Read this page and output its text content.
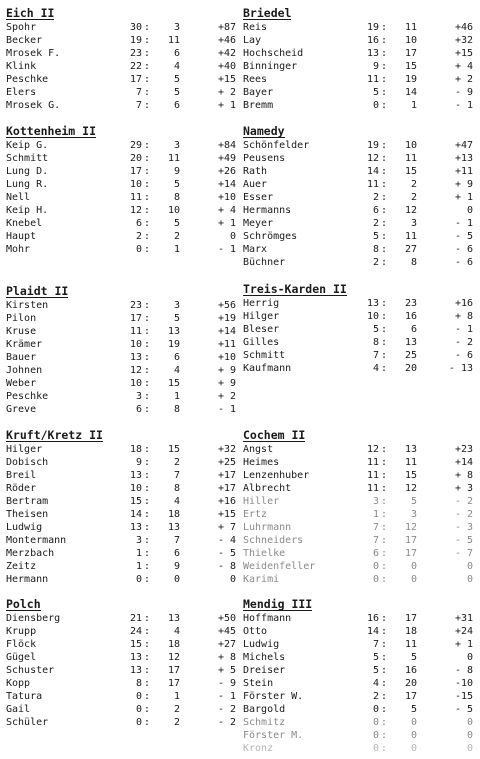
Eich II
Spohr	30 : 3	+87
Becker	19 : 11	+46
Mrosek F.	23 : 6	+42
Klink	22 : 4	+40
Peschke	17 : 5	+15
Elers	7 : 5	+ 2
Mrosek G.	7 : 6	+ 1
Kottenheim II
Keip G.	29 : 3	+84
Schmitt	20 : 11	+49
Lung D.	17 : 9	+26
Lung R.	10 : 5	+14
Nell	11 : 8	+10
Keip H.	12 : 10	+ 4
Knebel	6 : 5	+ 1
Haupt	2 : 2	0
Mohr	0 : 1	- 1
Plaidt II
Kirsten	23 : 3	+56
Pilon	17 : 5	+19
Kruse	11 : 13	+14
Krämer	10 : 19	+11
Bauer	13 : 6	+10
Johnen	12 : 4	+ 9
Weber	10 : 15	+ 9
Peschke	3 : 1	+ 2
Greve	6 : 8	- 1
Kruft/Kretz II
Hilger	18 : 15	+32
Dobisch	9 : 2	+25
Breil	13 : 7	+17
Röder	10 : 8	+17
Bertram	15 : 4	+16
Theisen	14 : 18	+15
Ludwig	13 : 13	+ 7
Montermann	3 : 7	- 4
Merzbach	1 : 6	- 5
Zeitz	1 : 9	- 8
Hermann	0 : 0	0
Polch
Diensberg	21 : 13	+50
Krupp	24 : 4	+45
Flöck	15 : 18	+27
Gügel	13 : 12	+ 8
Schuster	13 : 17	+ 5
Kopp	8 : 17	- 9
Tatura	0 : 1	- 1
Gail	0 : 2	- 2
Schüler	0 : 2	- 2
Briedel
Reis	19 : 11	+46
Lay	16 : 10	+32
Hochscheid	13 : 17	+15
Binninger	9 : 15	+ 4
Rees	11 : 19	+ 2
Bayer	5 : 14	- 9
Bremm	0 : 1	- 1
Namedy
Schönfelder	19 : 10	+47
Peusens	12 : 11	+13
Rath	14 : 15	+11
Auer	11 : 2	+ 9
Esser	2 : 2	+ 1
Hermanns	6 : 12	0
Meyer	2 : 3	- 1
Schrömges	5 : 11	- 5
Marx	8 : 27	- 6
Büchner	2 : 8	- 6
Treis-Karden II
Herrig	13 : 23	+16
Hilger	10 : 16	+ 8
Bleser	5 : 6	- 1
Gilles	8 : 13	- 2
Schmitt	7 : 25	- 6
Kaufmann	4 : 20	- 13
Cochem II
Angst	12 : 13	+23
Heimes	11 : 11	+14
Lenzenhuber	11 : 15	+ 8
Albrecht	11 : 12	+ 3
Hiller	3 : 5	- 2
Ertz	1 : 3	- 2
Luhrmann	7 : 12	- 3
Schneiders	7 : 17	- 5
Thielke	6 : 17	- 7
Weidenfeller	0 : 0	0
Karimi	0 : 0	0
Mendig III
Hoffmann	16 : 17	+31
Otto	14 : 18	+24
Ludwig	7 : 11	+ 1
Michels	5 : 5	0
Dreiser	5 : 16	- 8
Stein	4 : 20	-10
Förster W.	2 : 17	-15
Bargold	0 : 5	- 5
Schmitz	0 : 0	0
Förster M.	0 : 0	0
Kronz	0 : 0	0
